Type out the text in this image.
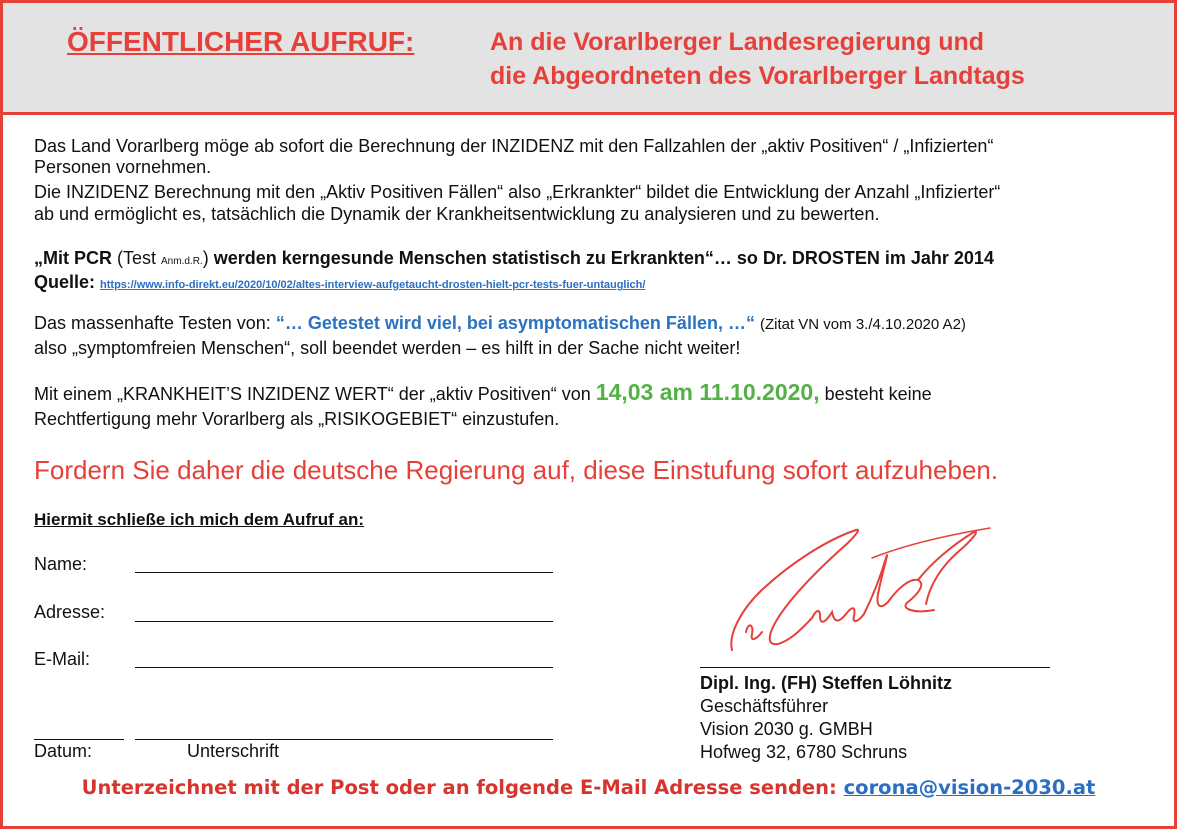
ÖFFENTLICHER AUFRUF:	An die Vorarlberger Landesregierung und
die Abgeordneten des Vorarlberger Landtags
Das Land Vorarlberg möge ab sofort die Berechnung der INZIDENZ mit den Fallzahlen der „aktiv Positiven“ / „Infizierten“
Personen vornehmen.
Die INZIDENZ Berechnung mit den „Aktiv Positiven Fällen“ also „Erkrankter“ bildet die Entwicklung der Anzahl „Infizierter“
ab und ermöglicht es, tatsächlich die Dynamik der Krankheitsentwicklung zu analysieren und zu bewerten.
„Mit PCR (Test Anm.d.R.) werden kerngesunde Menschen statistisch zu Erkrankten“… so Dr. DROSTEN im Jahr 2014
Quelle: https://www.info-direkt.eu/2020/10/02/altes-interview-aufgetaucht-drosten-hielt-pcr-tests-fuer-untauglich/
Das massenhafte Testen von: “… Getestet wird viel, bei asymptomatischen Fällen, …“ (Zitat VN vom 3./4.10.2020 A2)
also „symptomfreien Menschen“, soll beendet werden – es hilft in der Sache nicht weiter!
Mit einem „KRANKHEIT’S INZIDENZ WERT“ der „aktiv Positiven“ von 14,03 am 11.10.2020, besteht keine
Rechtfertigung mehr Vorarlberg als „RISIKOGEBIET“ einzustufen.
Fordern Sie daher die deutsche Regierung auf, diese Einstufung sofort aufzuheben.
Hiermit schließe ich mich dem Aufruf an:
Name:
Adresse:
E-Mail:
Datum:	Unterschrift
Dipl. Ing. (FH) Steffen Löhnitz
Geschäftsführer
Vision 2030 g. GMBH
Hofweg 32, 6780 Schruns
Unterzeichnet mit der Post oder an folgende E-Mail Adresse senden: corona@vision-2030.at
